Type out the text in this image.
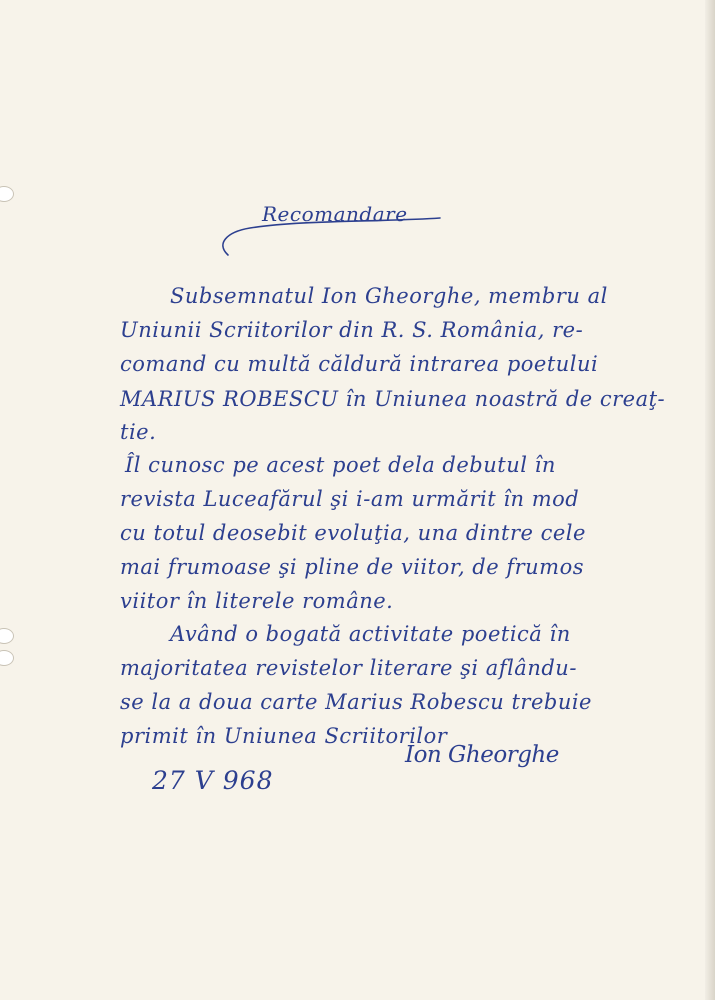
Recomandare
Subsemnatul Ion Gheorghe, membru al
Uniunii Scriitorilor din R. S. România, re-
comand cu multă căldură intrarea poetului
MARIUS ROBESCU în Uniunea noastră de creaţ-
tie.
Îl cunosc pe acest poet dela debutul în
revista Luceafărul şi i-am urmărit în mod
cu totul deosebit evoluţia, una dintre cele
mai frumoase şi pline de viitor, de frumos
viitor în literele române.
Având o bogată activitate poetică în
majoritatea revistelor literare şi aflându-
se la a doua carte Marius Robescu trebuie
primit în Uniunea Scriitorilor
Ion Gheorghe
27 V 968
